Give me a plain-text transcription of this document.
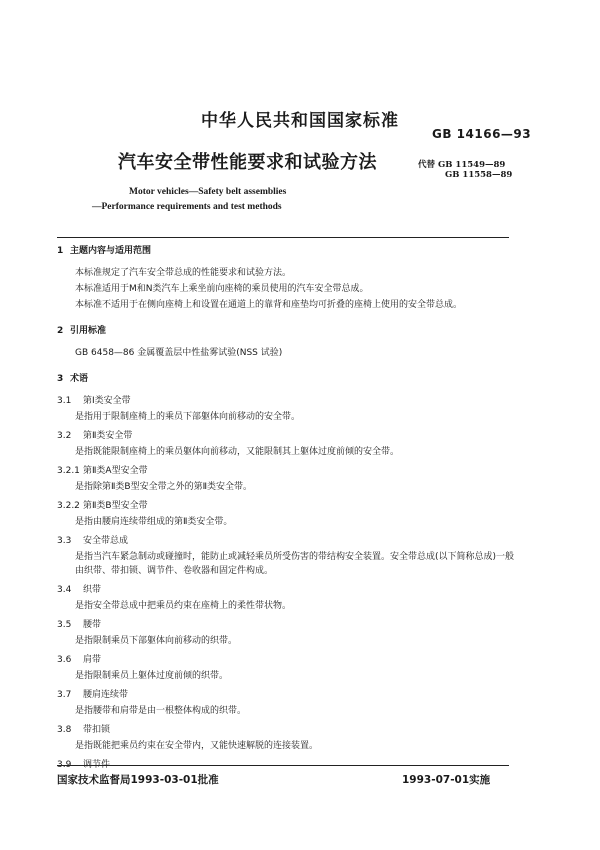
中华人民共和国国家标准
GB 14166—93
汽车安全带性能要求和试验方法	代替 GB 11549—89
GB 11558—89
Motor vehicles—Safety belt assemblies
—Performance requirements and test methods
1 主题内容与适用范围
本标准规定了汽车安全带总成的性能要求和试验方法。
本标准适用于M和N类汽车上乘坐前向座椅的乘员使用的汽车安全带总成。
本标准不适用于在侧向座椅上和设置在通道上的靠背和座垫均可折叠的座椅上使用的安全带总成。
2 引用标准
GB 6458—86 金属覆盖层中性盐雾试验(NSS 试验)
3 术语
3.1 第Ⅰ类安全带
是指用于限制座椅上的乘员下部躯体向前移动的安全带。
3.2 第Ⅱ类安全带
是指既能限制座椅上的乘员躯体向前移动，又能限制其上躯体过度前倾的安全带。
3.2.1 第Ⅱ类A型安全带
是指除第Ⅱ类B型安全带之外的第Ⅱ类安全带。
3.2.2 第Ⅱ类B型安全带
是指由腰肩连续带组成的第Ⅱ类安全带。
3.3 安全带总成
是指当汽车紧急制动或碰撞时，能防止或减轻乘员所受伤害的带结构安全装置。安全带总成(以下简称总成)一般由织带、带扣锁、调节件、卷收器和固定件构成。
3.4 织带
是指安全带总成中把乘员约束在座椅上的柔性带状物。
3.5 腰带
是指限制乘员下部躯体向前移动的织带。
3.6 肩带
是指限制乘员上躯体过度前倾的织带。
3.7 腰肩连续带
是指腰带和肩带是由一根整体构成的织带。
3.8 带扣锁
是指既能把乘员约束在安全带内，又能快速解脱的连接装置。
3.9 调节件
国家技术监督局1993-03-01批准	1993-07-01实施
